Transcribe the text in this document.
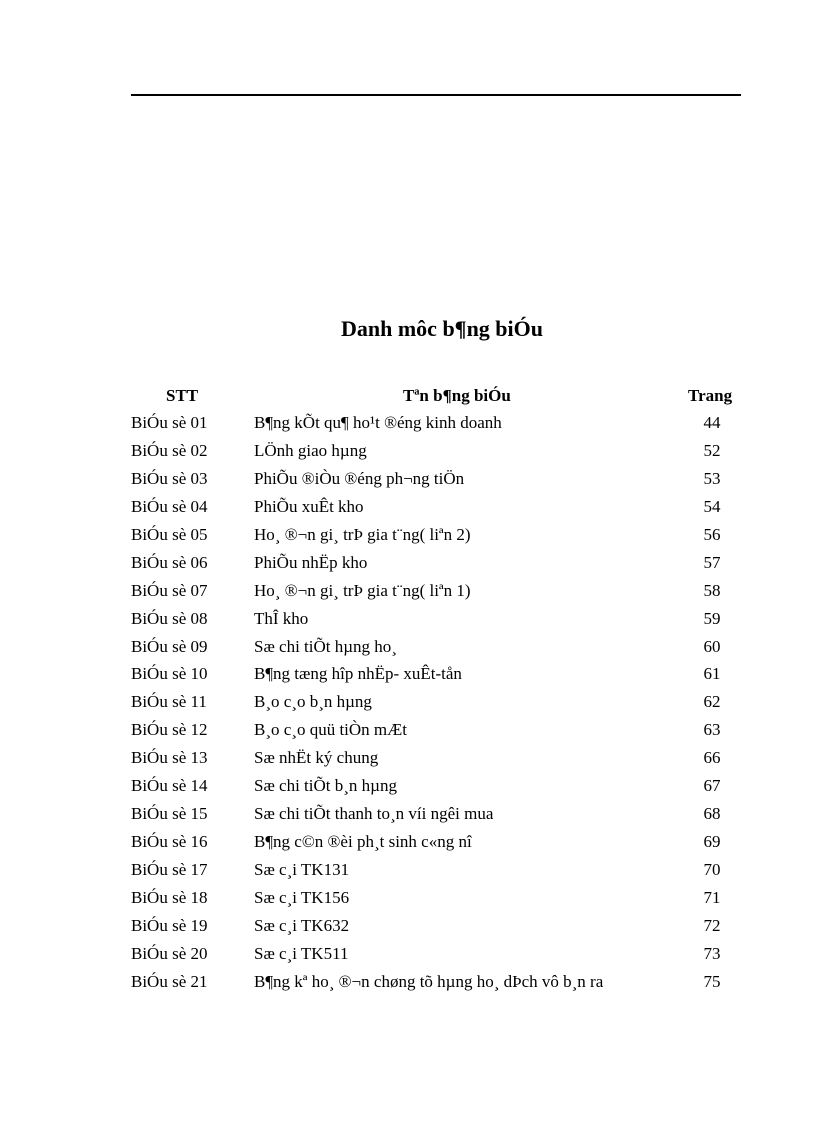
Danh môc b¶ng biÓu
STT	Tªn b¶ng biÓu	Trang
BiÓu sè 01	B¶ng kÕt qu¶ ho¹t ®éng kinh doanh	44
BiÓu sè 02	LÖnh giao hµng	52
BiÓu sè 03	PhiÕu ®iÒu ®éng ph¬ng tiÖn	53
BiÓu sè 04	PhiÕu xuÊt kho	54
BiÓu sè 05	Ho¸ ®¬n gi¸ trÞ gia t¨ng( liªn 2)	56
BiÓu sè 06	PhiÕu nhËp kho	57
BiÓu sè 07	Ho¸ ®¬n gi¸ trÞ gia t¨ng( liªn 1)	58
BiÓu sè 08	ThÎ kho	59
BiÓu sè 09	Sæ chi tiÕt hµng ho¸	60
BiÓu sè 10	B¶ng tæng hîp nhËp- xuÊt-tån	61
BiÓu sè 11	B¸o c¸o b¸n hµng	62
BiÓu sè 12	B¸o c¸o quü tiÒn mÆt	63
BiÓu sè 13	Sæ nhËt ký chung	66
BiÓu sè 14	Sæ chi tiÕt b¸n hµng	67
BiÓu sè 15	Sæ chi tiÕt thanh to¸n víi ngêi mua	68
BiÓu sè 16	B¶ng c©n ®èi ph¸t sinh c«ng nî	69
BiÓu sè 17	Sæ c¸i TK131	70
BiÓu sè 18	Sæ c¸i TK156	71
BiÓu sè 19	Sæ c¸i TK632	72
BiÓu sè 20	Sæ c¸i TK511	73
BiÓu sè 21	B¶ng kª ho¸ ®¬n chøng tõ hµng ho¸ dÞch vô b¸n ra	75
